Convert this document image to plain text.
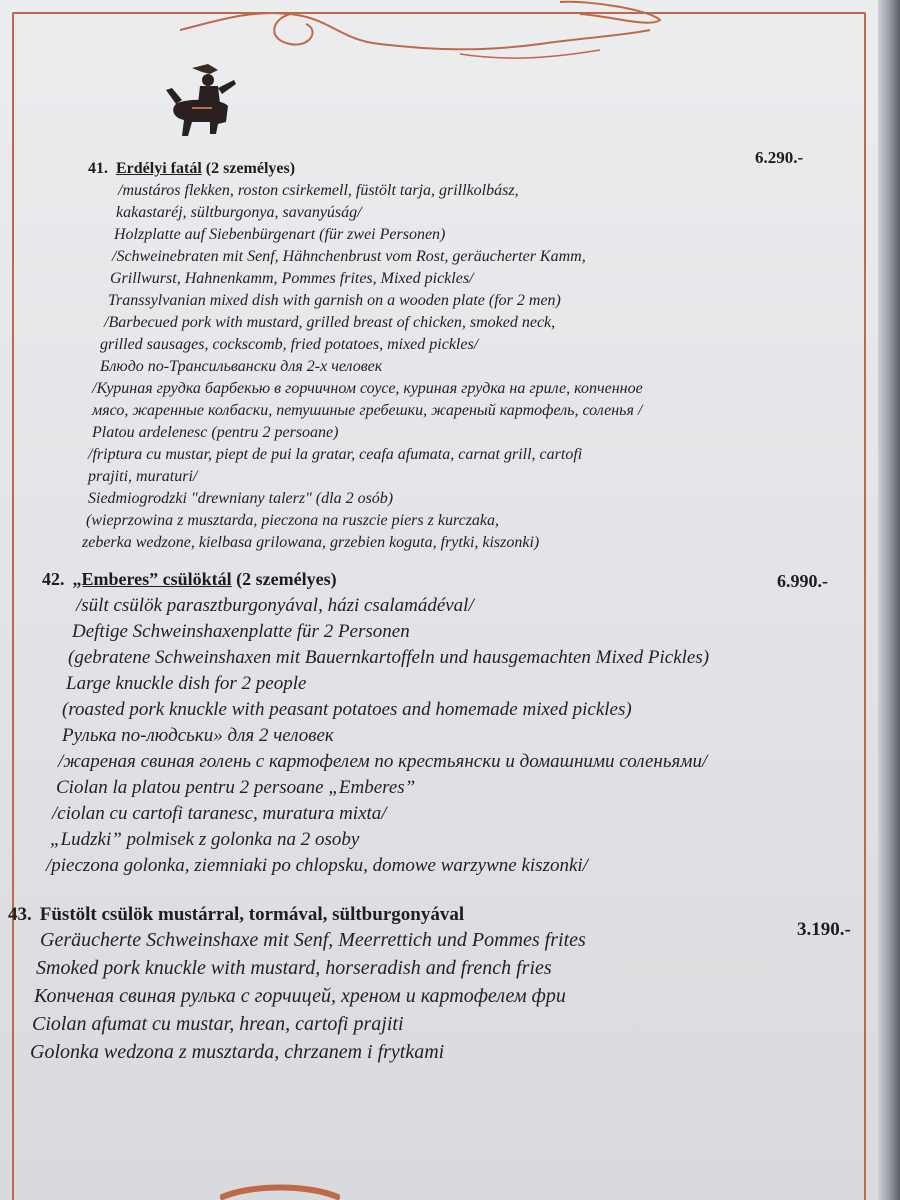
41. Erdélyi fatál (2 személyes)
6.290.-
/mustáros flekken, roston csirkemell, füstölt tarja, grillkolbász,
kakastaréj, sültburgonya, savanyúság/
Holzplatte auf Siebenbürgenart (für zwei Personen)
/Schweinebraten mit Senf, Hähnchenbrust vom Rost, geräucherter Kamm,
Grillwurst, Hahnenkamm, Pommes frites, Mixed pickles/
Transsylvanian mixed dish with garnish on a wooden plate (for 2 men)
/Barbecued pork with mustard, grilled breast of chicken, smoked neck,
grilled sausages, cockscomb, fried potatoes, mixed pickles/
Блюдо по-Трансильвански для 2-х человек
/Куриная грудка барбекью в горчичном соусе, куриная грудка на гриле, копченное
мясо, жаренные колбаски, петушиные гребешки, жареный картофель, соленья /
Platou ardelenesc (pentru 2 persoane)
/friptura cu mustar, piept de pui la gratar, ceafa afumata, carnat grill, cartofi
prajiti, muraturi/
Siedmiogrodzki "drewniany talerz" (dla 2 osób)
(wieprzowina z musztarda, pieczona na ruszcie piers z kurczaka,
zeberka wedzone, kielbasa grilowana, grzebien koguta, frytki, kiszonki)
42. „Emberes” csülöktál (2 személyes)	6.990.-
/sült csülök parasztburgonyával, házi csalamádéval/
Deftige Schweinshaxenplatte für 2 Personen
(gebratene Schweinshaxen mit Bauernkartoffeln und hausgemachten Mixed Pickles)
Large knuckle dish for 2 people
(roasted pork knuckle with peasant potatoes and homemade mixed pickles)
Рулька по-людськи» для 2 человек
/жареная свиная голень с картофелем по крестьянски и домашними соленьями/
Ciolan la platou pentru 2 persoane „Emberes”
/ciolan cu cartofi taranesc, muratura mixta/
„Ludzki” polmisek z golonka na 2 osoby
/pieczona golonka, ziemniaki po chlopsku, domowe warzywne kiszonki/
43. Füstölt csülök mustárral, tormával, sültburgonyával
3.190.-
Geräucherte Schweinshaxe mit Senf, Meerrettich und Pommes frites
Smoked pork knuckle with mustard, horseradish and french fries
Копченая свиная рулька с горчицей, хреном и картофелем фри
Ciolan afumat cu mustar, hrean, cartofi prajiti
Golonka wedzona z musztarda, chrzanem i frytkami
